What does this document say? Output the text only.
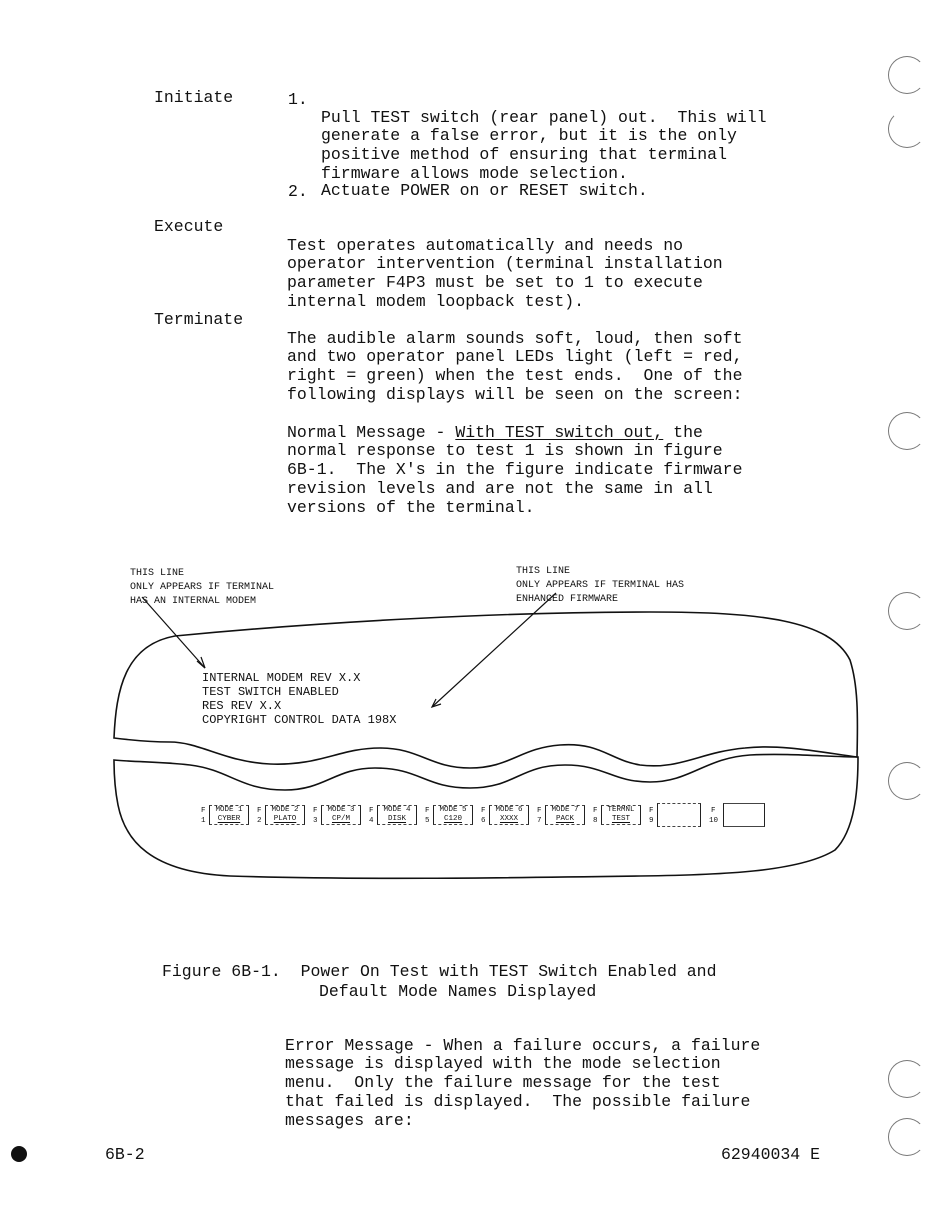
Initiate	1.

Pull TEST switch (rear panel) out.  This will
generate a false error, but it is the only
positive method of ensuring that terminal
firmware allows mode selection.

2. Actuate POWER on or RESET switch.
Execute

Test operates automatically and needs no
operator intervention (terminal installation
parameter F4P3 must be set to 1 to execute
internal modem loopback test).

Terminate

The audible alarm sounds soft, loud, then soft
and two operator panel LEDs light (left = red,
right = green) when the test ends.  One of the
following displays will be seen on the screen:

Normal Message - With TEST switch out, the
normal response to test 1 is shown in figure
6B-1.  The X's in the figure indicate firmware
revision levels and are not the same in all
versions of the terminal.

THIS LINE
ONLY APPEARS IF TERMINAL
HAS AN INTERNAL MODEM

THIS LINE
ONLY APPEARS IF TERMINAL HAS
ENHANCED FIRMWARE

INTERNAL MODEM REV X.X
TEST SWITCH ENABLED
RES REV X.X
COPYRIGHT CONTROL DATA 198X

F
1
MODE 1
CYBER
F
2
MODE 2
PLATO
F
3
MODE 3
CP/M
F
4
MODE 4
DISK
F
5
MODE 5
C120
F
6
MODE 6
XXXX
F
7
MODE 7
PACK
F
8
TERMNL
TEST
F
9
F
10

Figure 6B-1.  Power On Test with TEST Switch Enabled and
Default Mode Names Displayed

Error Message - When a failure occurs, a failure
message is displayed with the mode selection
menu.  Only the failure message for the test
that failed is displayed.  The possible failure
messages are:

6B-2	62940034 E
